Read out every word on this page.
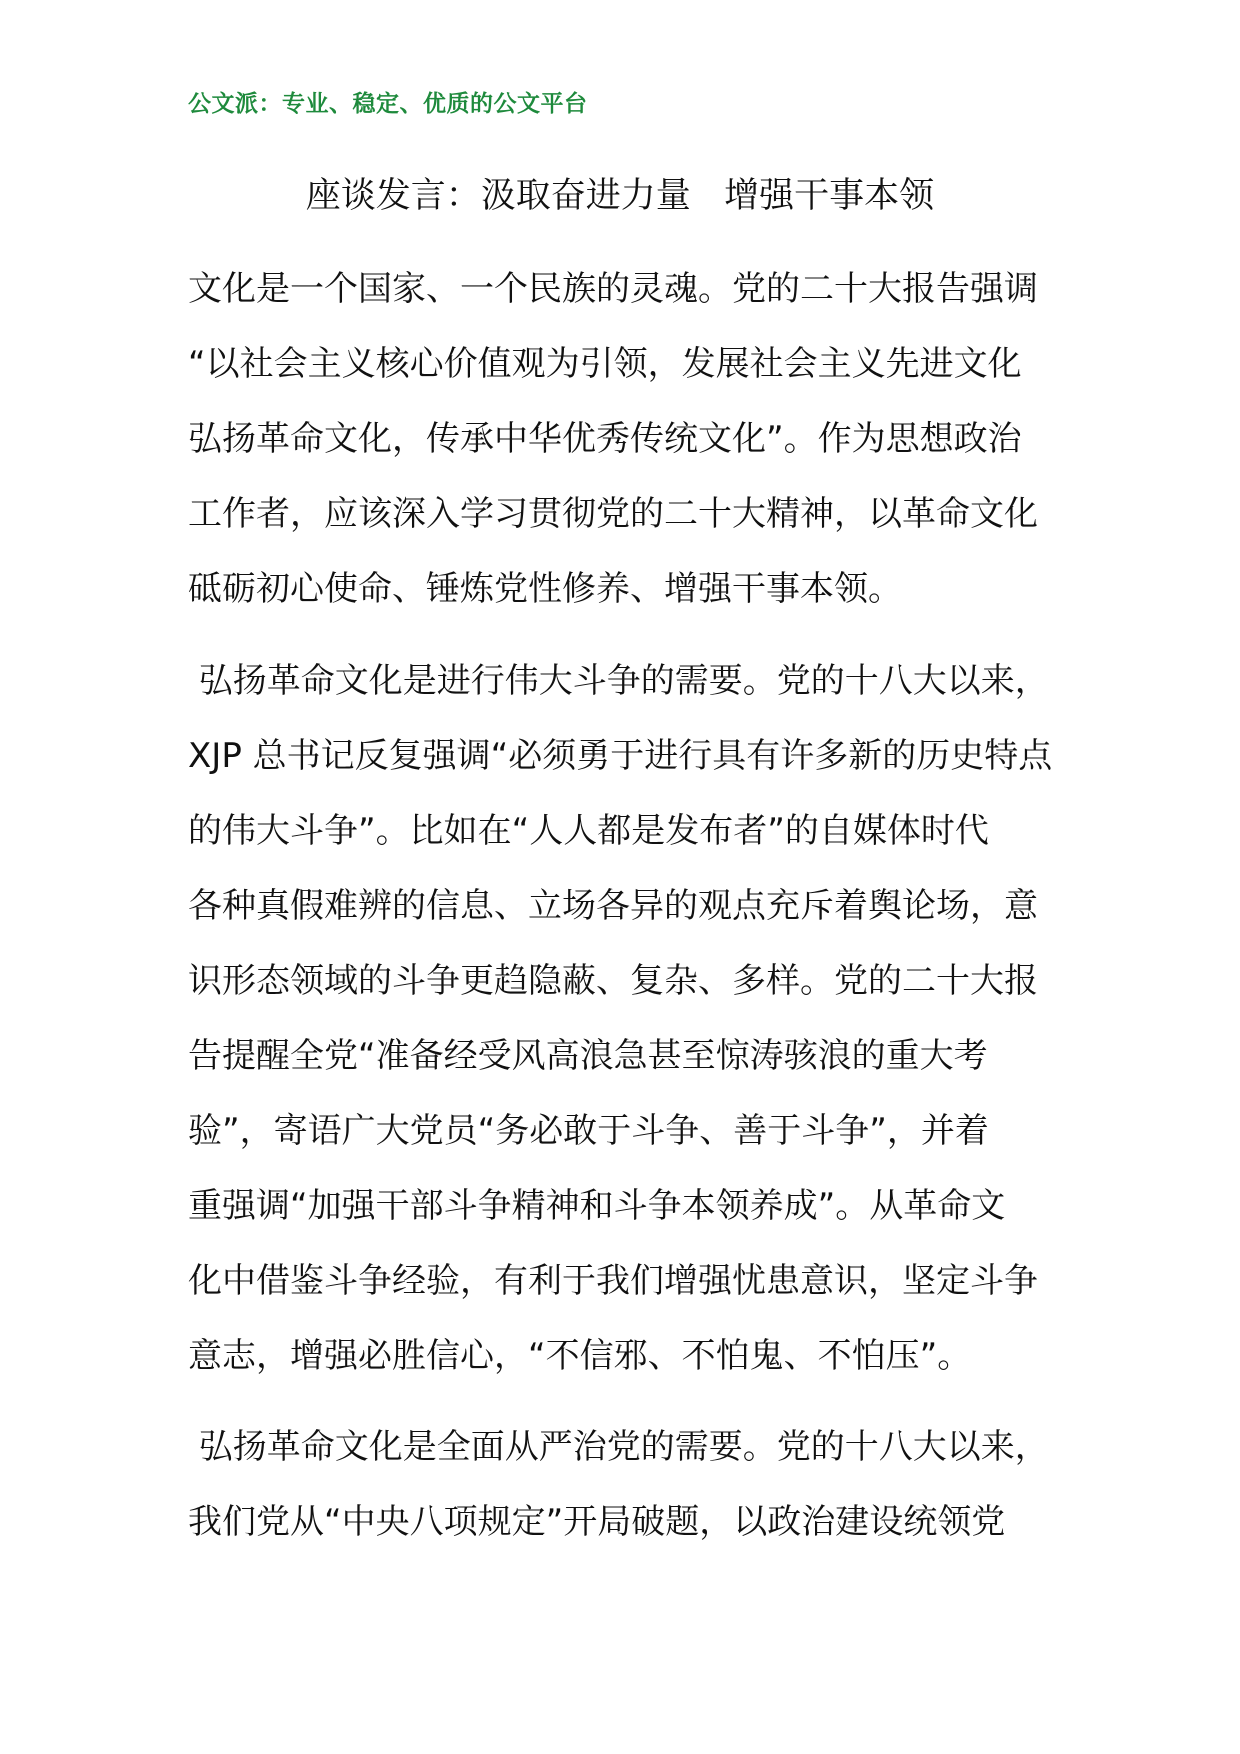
公文派：专业、稳定、优质的公文平台
座谈发言：汲取奋进力量   增强干事本领
文化是一个国家、一个民族的灵魂。党的二十大报告强调
“以社会主义核心价值观为引领，发展社会主义先进文化
弘扬革命文化，传承中华优秀传统文化”。作为思想政治
工作者，应该深入学习贯彻党的二十大精神，以革命文化
砥砺初心使命、锤炼党性修养、增强干事本领。
弘扬革命文化是进行伟大斗争的需要。党的十八大以来，
XJP 总书记反复强调“必须勇于进行具有许多新的历史特点
的伟大斗争”。比如在“人人都是发布者”的自媒体时代
各种真假难辨的信息、立场各异的观点充斥着舆论场，意
识形态领域的斗争更趋隐蔽、复杂、多样。党的二十大报
告提醒全党“准备经受风高浪急甚至惊涛骇浪的重大考
验”，寄语广大党员“务必敢于斗争、善于斗争”，并着
重强调“加强干部斗争精神和斗争本领养成”。从革命文
化中借鉴斗争经验，有利于我们增强忧患意识，坚定斗争
意志，增强必胜信心，“不信邪、不怕鬼、不怕压”。
弘扬革命文化是全面从严治党的需要。党的十八大以来，
我们党从“中央八项规定”开局破题，以政治建设统领党
